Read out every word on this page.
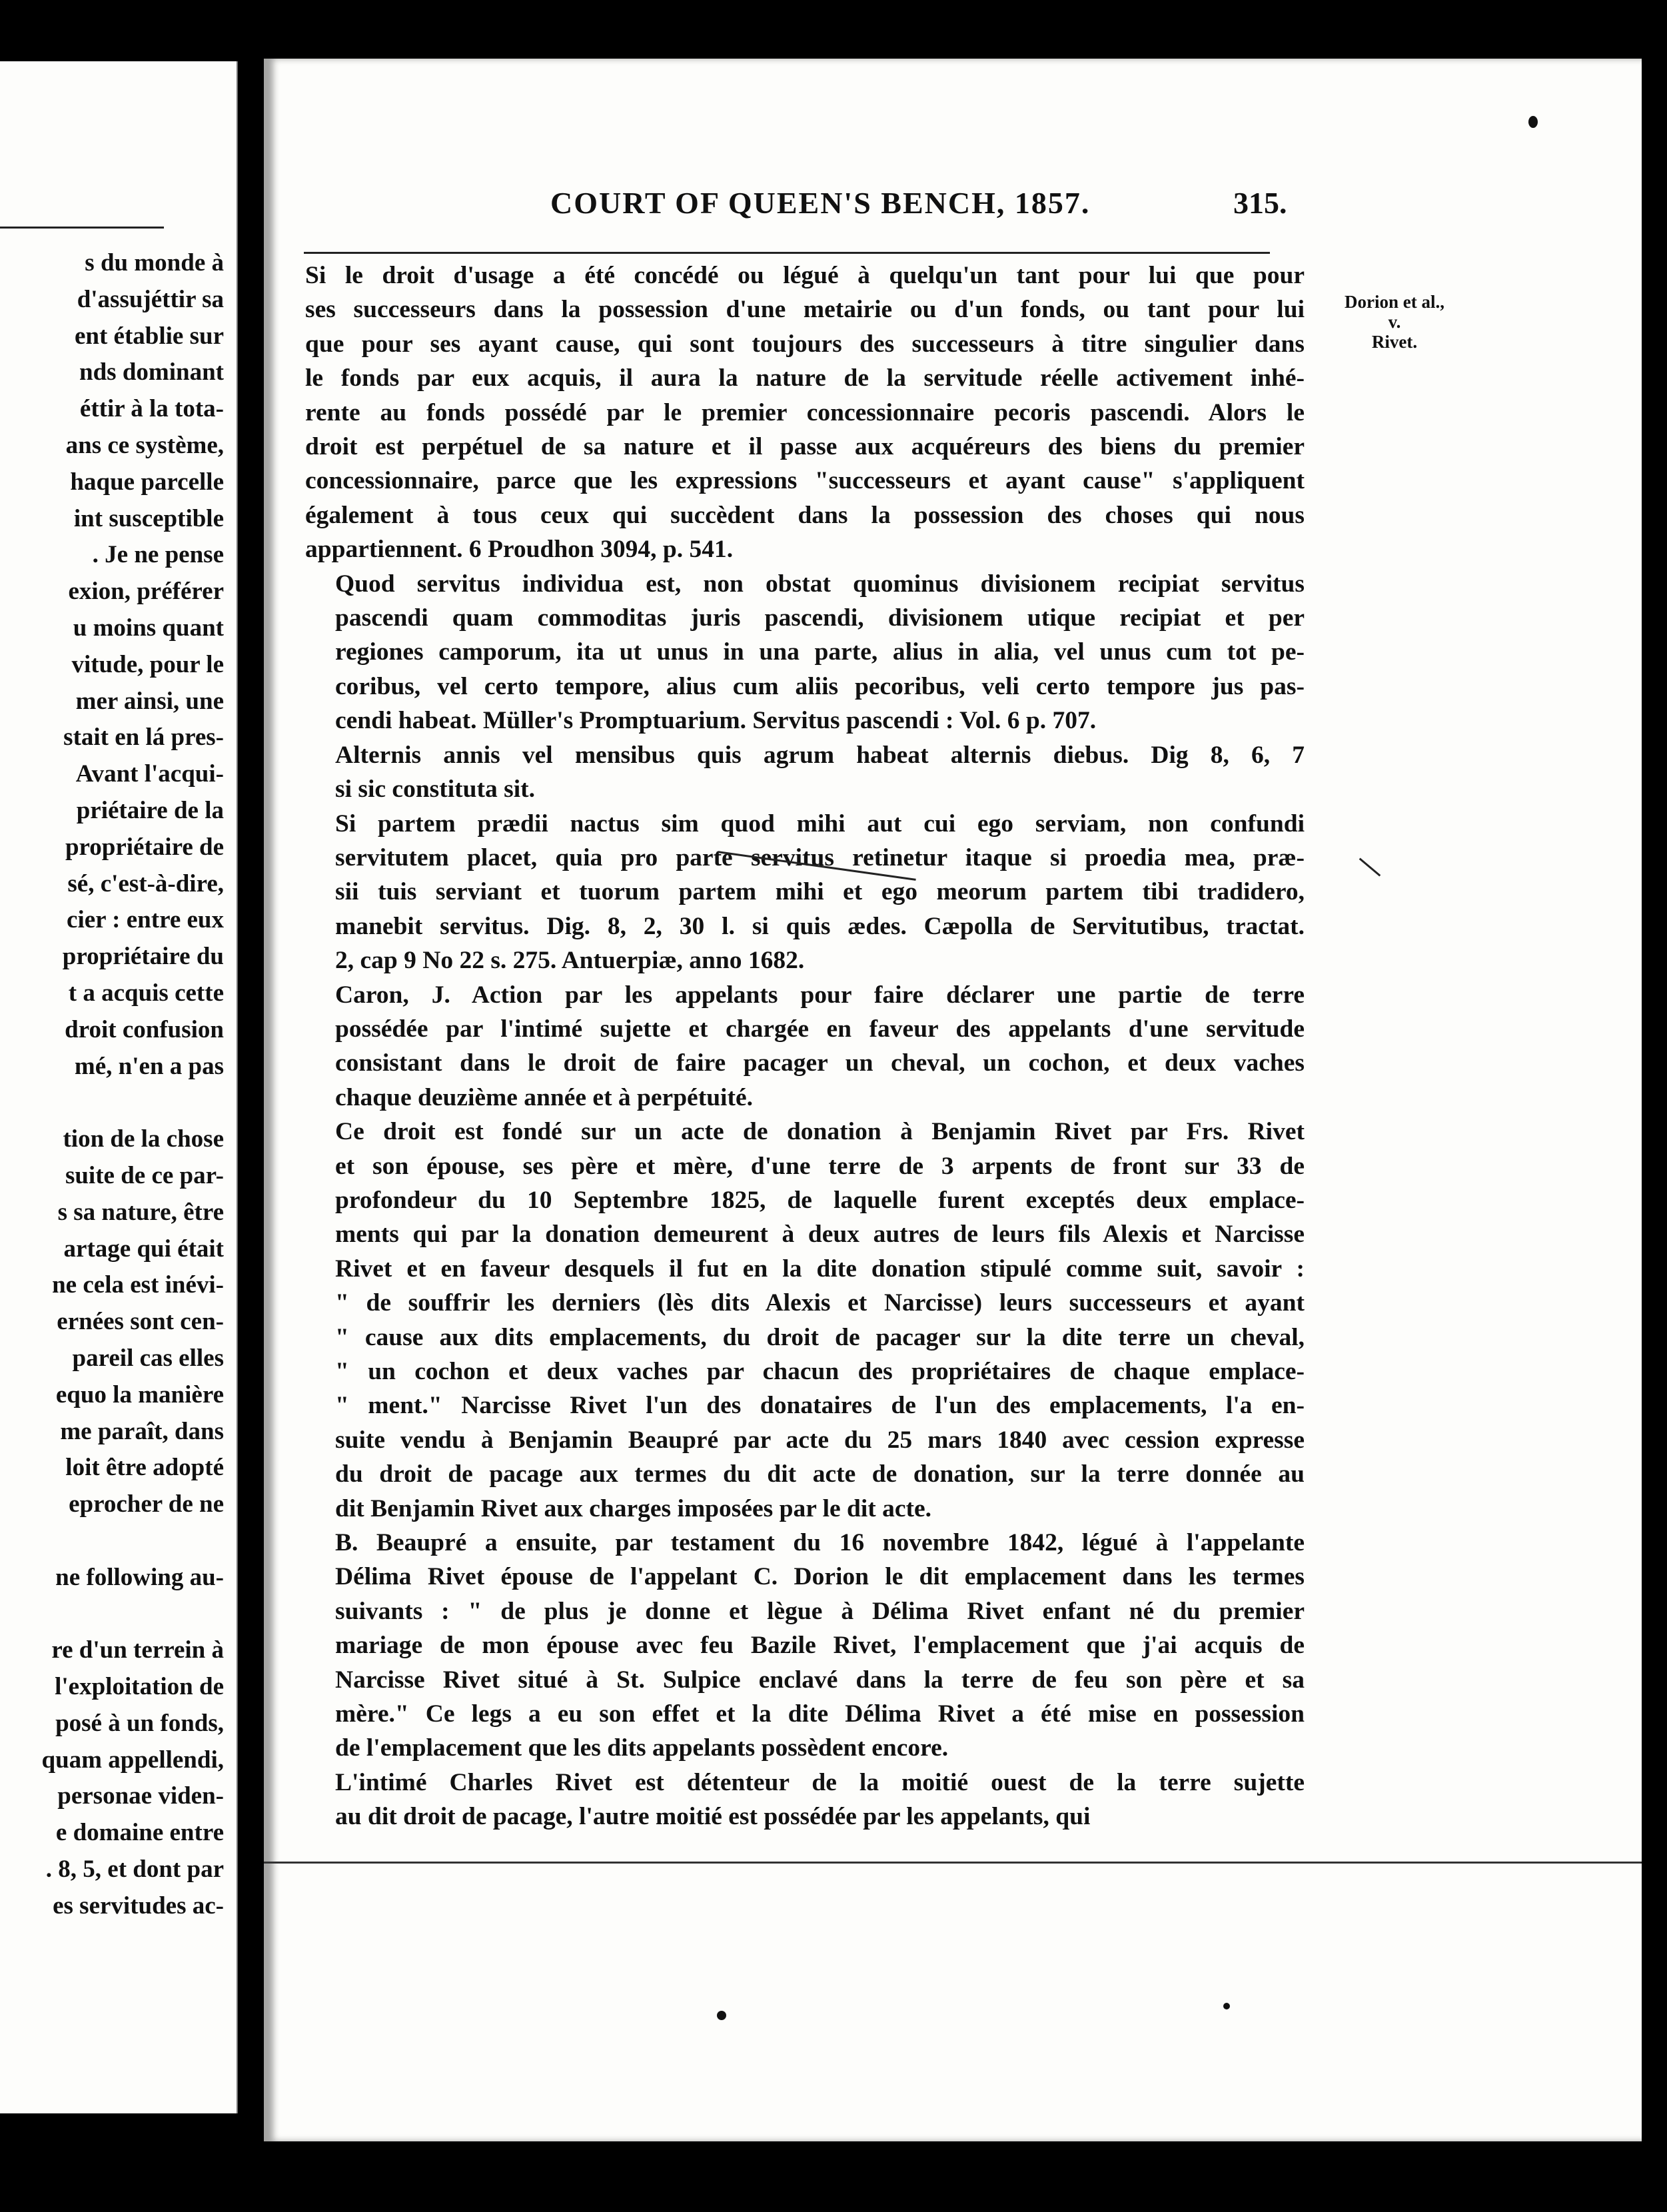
s du monde à
d'assujéttir sa
ent établie sur
nds dominant
éttir à la tota-
ans ce système,
haque parcelle
int susceptible
. Je ne pense
exion, préférer
u moins quant
vitude, pour le
mer ainsi, une
stait en lá pres-
Avant l'acqui-
priétaire de la
propriétaire de
sé, c'est-à-dire,
cier : entre eux
propriétaire du
t a acquis cette
droit confusion
mé, n'en a pas
tion de la chose
suite de ce par-
s sa nature, être
artage qui était
ne cela est inévi-
ernées sont cen-
pareil cas elles
equo la manière
me paraît, dans
loit être adopté
eprocher de ne
ne following au-
re d'un terrein à
l'exploitation de
posé à un fonds,
quam appellendi,
personae viden-
e domaine entre
. 8, 5, et dont par
es servitudes ac-
COURT OF QUEEN'S BENCH, 1857.	315.
Dorion et al.,
v.
Rivet.

Si le droit d'usage a été concédé ou légué à quelqu'un tant pour lui que pour
ses successeurs dans la possession d'une metairie ou d'un fonds, ou tant pour lui
que pour ses ayant cause, qui sont toujours des successeurs à titre singulier dans
le fonds par eux acquis, il aura la nature de la servitude réelle activement inhé-
rente au fonds possédé par le premier concessionnaire pecoris pascendi. Alors le
droit est perpétuel de sa nature et il passe aux acquéreurs des biens du premier
concessionnaire, parce que les expressions "successeurs et ayant cause" s'appliquent
également à tous ceux qui succèdent dans la possession des choses qui nous
appartiennent. 6 Proudhon 3094, p. 541.

Quod servitus individua est, non obstat quominus divisionem recipiat servitus
pascendi quam commoditas juris pascendi, divisionem utique recipiat et per
regiones camporum, ita ut unus in una parte, alius in alia, vel unus cum tot pe-
coribus, vel certo tempore, alius cum aliis pecoribus, veli certo tempore jus pas-
cendi habeat. Müller's Promptuarium. Servitus pascendi : Vol. 6 p. 707.

Alternis annis vel mensibus quis agrum habeat alternis diebus. Dig 8, 6, 7
si sic constituta sit.

Si partem prædii nactus sim quod mihi aut cui ego serviam, non confundi
servitutem placet, quia pro parte servitus retinetur itaque si proedia mea, præ-
sii tuis serviant et tuorum partem mihi et ego meorum partem tibi tradidero,
manebit servitus. Dig. 8, 2, 30 l. si quis ædes. Cæpolla de Servitutibus, tractat.
2, cap 9 No 22 s. 275. Antuerpiæ, anno 1682.

Caron, J. Action par les appelants pour faire déclarer une partie de terre
possédée par l'intimé sujette et chargée en faveur des appelants d'une servitude
consistant dans le droit de faire pacager un cheval, un cochon, et deux vaches
chaque deuzième année et à perpétuité.

Ce droit est fondé sur un acte de donation à Benjamin Rivet par Frs. Rivet
et son épouse, ses père et mère, d'une terre de 3 arpents de front sur 33 de
profondeur du 10 Septembre 1825, de laquelle furent exceptés deux emplace-
ments qui par la donation demeurent à deux autres de leurs fils Alexis et Narcisse
Rivet et en faveur desquels il fut en la dite donation stipulé comme suit, savoir :
" de souffrir les derniers (lès dits Alexis et Narcisse) leurs successeurs et ayant
" cause aux dits emplacements, du droit de pacager sur la dite terre un cheval,
" un cochon et deux vaches par chacun des propriétaires de chaque emplace-
" ment." Narcisse Rivet l'un des donataires de l'un des emplacements, l'a en-
suite vendu à Benjamin Beaupré par acte du 25 mars 1840 avec cession expresse
du droit de pacage aux termes du dit acte de donation, sur la terre donnée au
dit Benjamin Rivet aux charges imposées par le dit acte.

B. Beaupré a ensuite, par testament du 16 novembre 1842, légué à l'appelante
Délima Rivet épouse de l'appelant C. Dorion le dit emplacement dans les termes
suivants : " de plus je donne et lègue à Délima Rivet enfant né du premier
mariage de mon épouse avec feu Bazile Rivet, l'emplacement que j'ai acquis de
Narcisse Rivet situé à St. Sulpice enclavé dans la terre de feu son père et sa
mère." Ce legs a eu son effet et la dite Délima Rivet a été mise en possession
de l'emplacement que les dits appelants possèdent encore.

L'intimé Charles Rivet est détenteur de la moitié ouest de la terre sujette
au dit droit de pacage, l'autre moitié est possédée par les appelants, qui
